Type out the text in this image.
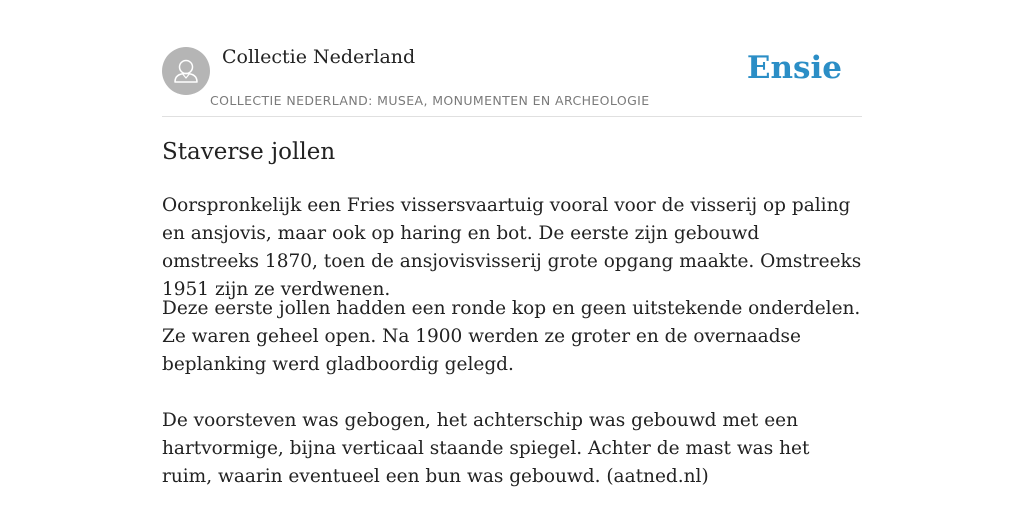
Collectie Nederland
COLLECTIE NEDERLAND: MUSEA, MONUMENTEN EN ARCHEOLOGIE
Ensie
Staverse jollen

Oorspronkelijk een Fries vissersvaartuig vooral voor de visserij op paling en ansjovis, maar ook op haring en bot. De eerste zijn gebouwd omstreeks 1870, toen de ansjovisvisserij grote opgang maakte. Omstreeks 1951 zijn ze verdwenen.

Deze eerste jollen hadden een ronde kop en geen uitstekende onderdelen. Ze waren geheel open. Na 1900 werden ze groter en de overnaadse beplanking werd gladboordig gelegd.

De voorsteven was gebogen, het achterschip was gebouwd met een hartvormige, bijna verticaal staande spiegel. Achter de mast was het ruim, waarin eventueel een bun was gebouwd. (aatned.nl)
